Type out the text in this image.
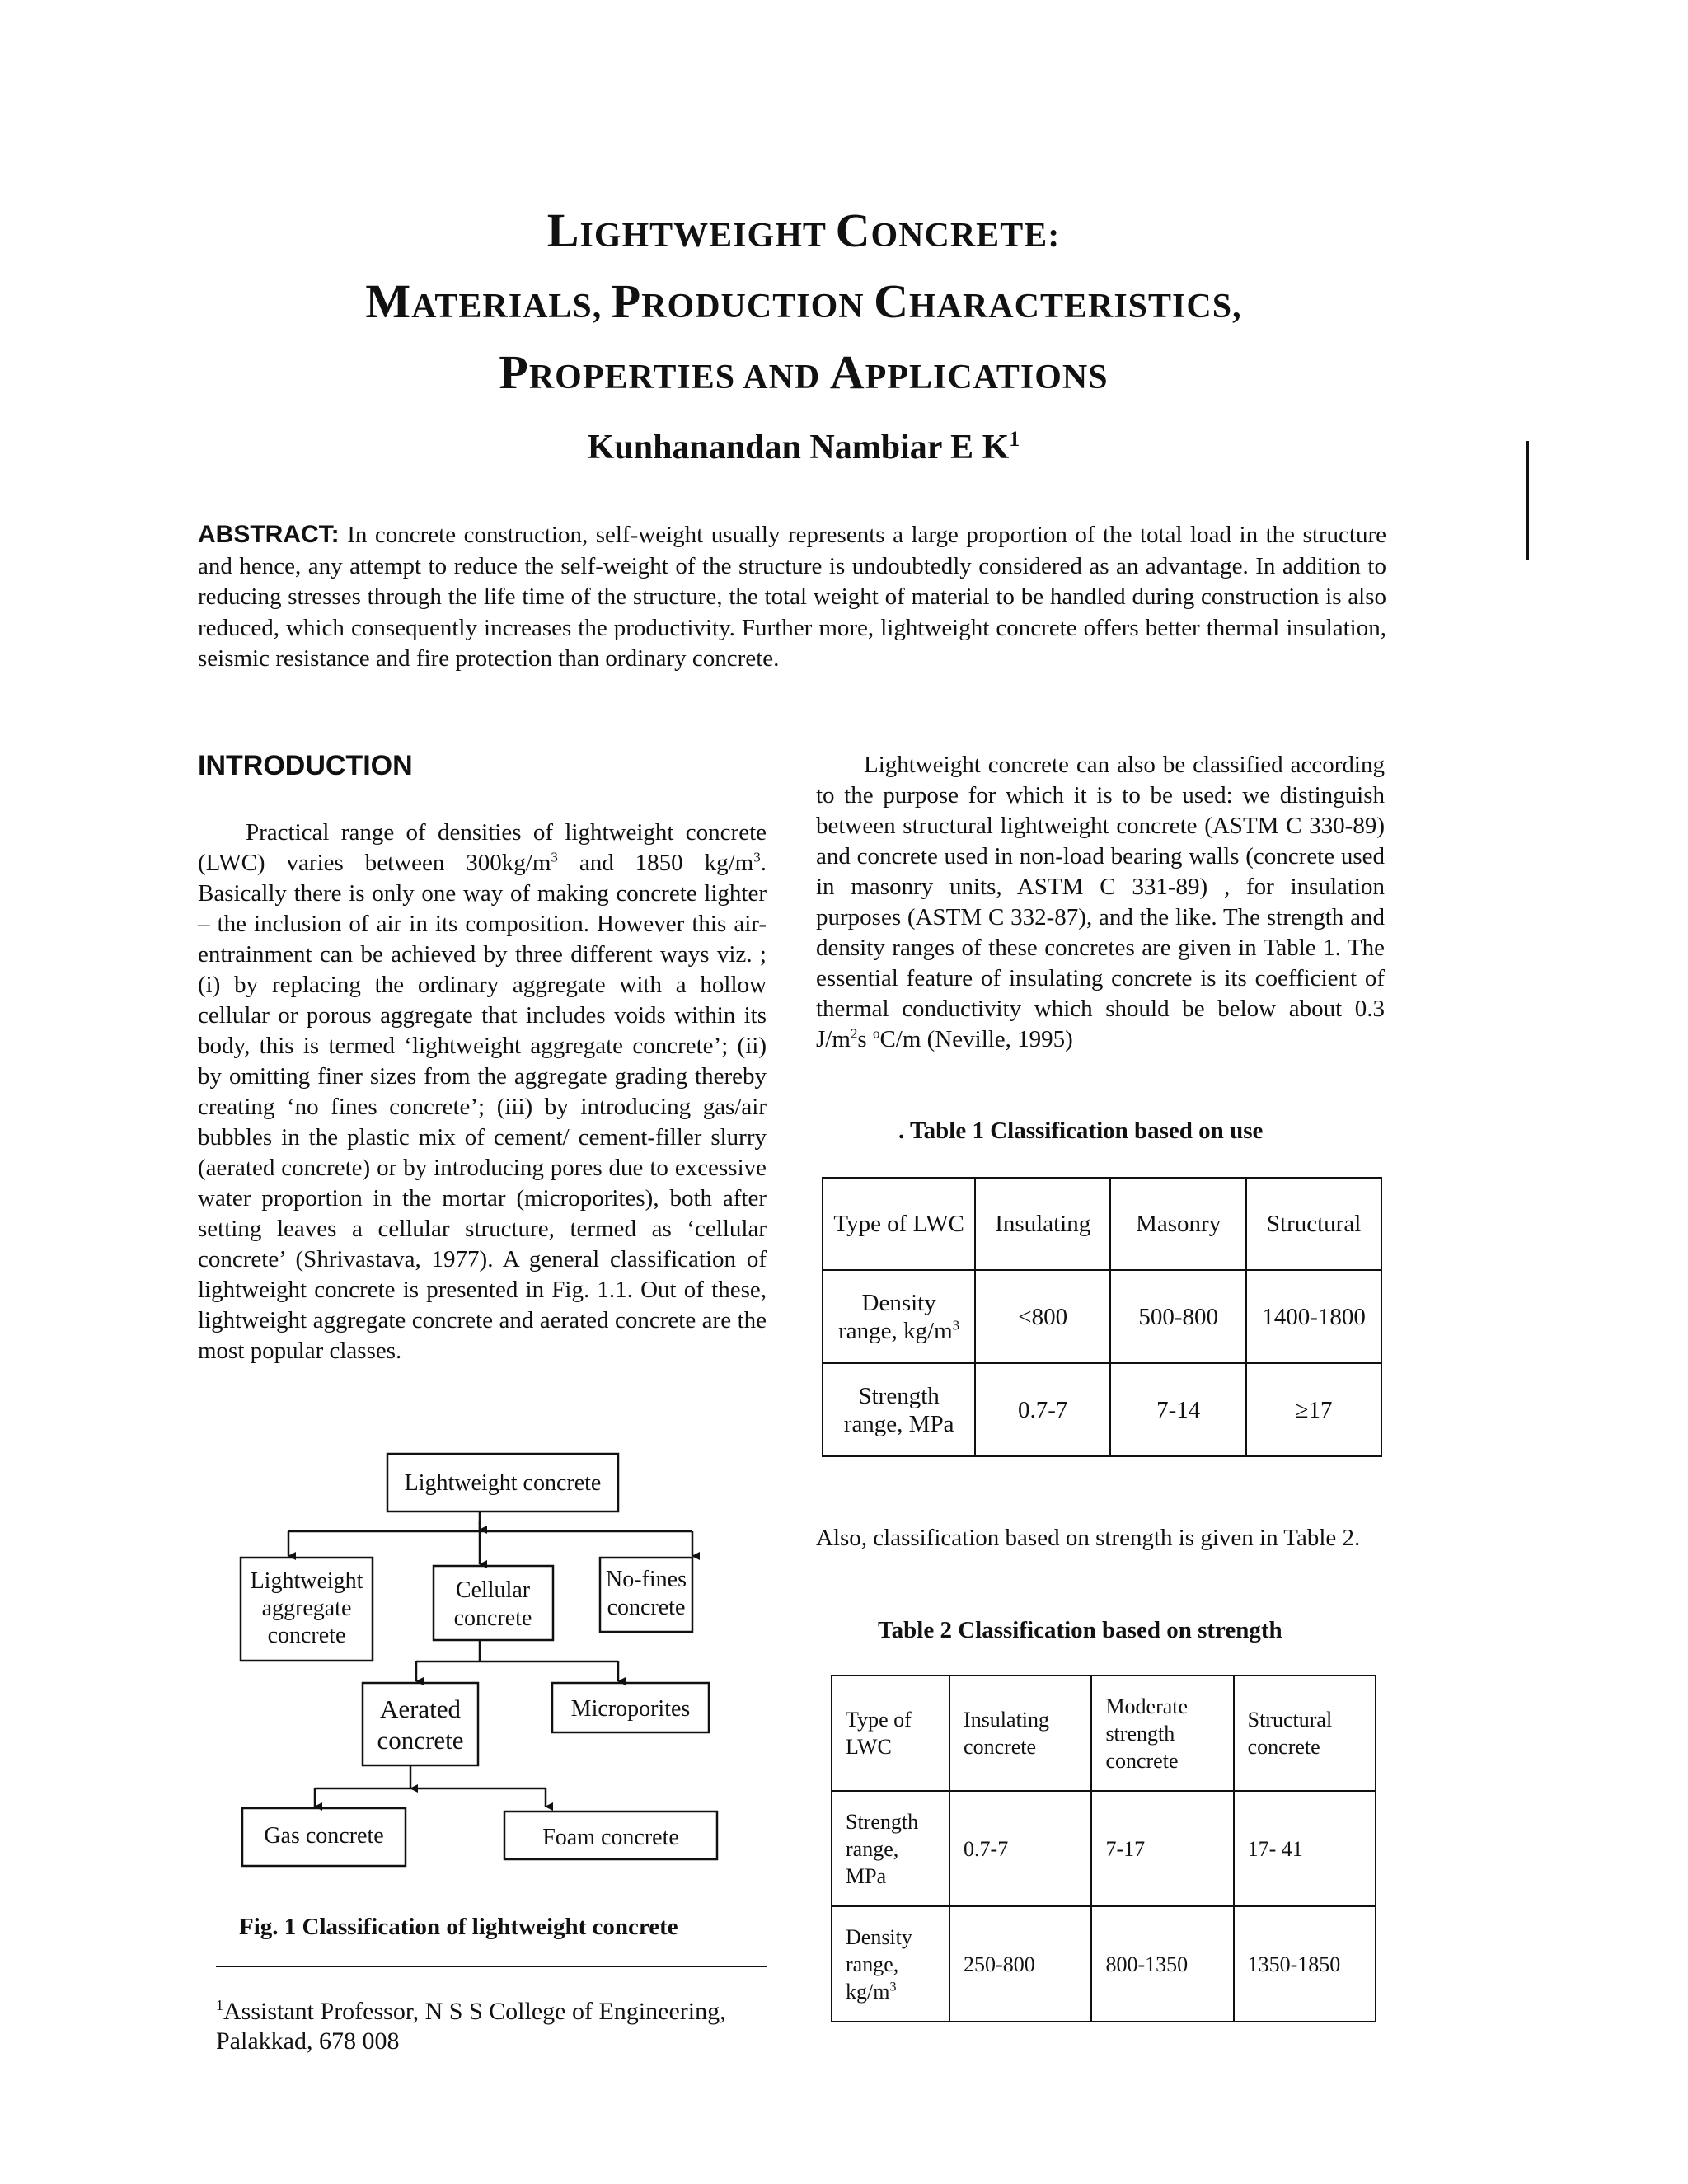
LIGHTWEIGHT CONCRETE:
MATERIALS, PRODUCTION CHARACTERISTICS,
PROPERTIES AND APPLICATIONS
Kunhanandan Nambiar E $K^1$
ABSTRACT: In concrete construction, self-weight usually represents a large proportion of the total load in the structure and hence, any attempt to reduce the self-weight of the structure is undoubtedly considered as an advantage. In addition to reducing stresses through the life time of the structure, the total weight of material to be handled during construction is also reduced, which consequently increases the productivity. Further more, lightweight concrete offers better thermal insulation, seismic resistance and fire protection than ordinary concrete.
INTRODUCTION

Practical range of densities of lightweight concrete (LWC) varies between $300kg/m^3$ and 1850 $kg/m^3$. Basically there is only one way of making concrete lighter – the inclusion of air in its composition. However this air-entrainment can be achieved by three different ways viz. ; (i) by replacing the ordinary aggregate with a hollow cellular or porous aggregate that includes voids within its body, this is termed ‘lightweight aggregate concrete’; (ii) by omitting finer sizes from the aggregate grading thereby creating ‘no fines concrete’; (iii) by introducing gas/air bubbles in the plastic mix of cement/ cement-filler slurry (aerated concrete) or by introducing pores due to excessive water proportion in the mortar (microporites), both after setting leaves a cellular structure, termed as ‘cellular concrete’ (Shrivastava, 1977). A general classification of lightweight concrete is presented in Fig. 1.1. Out of these, lightweight aggregate concrete and aerated concrete are the most popular classes.

Lightweight concrete
Lightweight
aggregate
concrete
Cellular
concrete
No-fines
concrete
Aerated
concrete
Microporites
Gas concrete	Foam concrete
Fig. 1 Classification of lightweight concrete
$^1$Assistant Professor, N S S College of Engineering,
Palakkad, 678 008

Lightweight concrete can also be classified according to the purpose for which it is to be used: we distinguish between structural lightweight concrete (ASTM C 330-89) and concrete used in non-load bearing walls (concrete used in masonry units, ASTM C 331-89) , for insulation purposes (ASTM C 332-87), and the like. The strength and density ranges of these concretes are given in Table 1. The essential feature of insulating concrete is its coefficient of thermal conductivity which should be below about 0.3 $J/m^2s$ $^o$C/m (Neville, 1995)

. Table 1 Classification based on use
Type of LWC	Insulating	Masonry	Structural
Density range, $kg/m^3$	<800	500-800	1400-1800
Strength range, MPa	0.7-7	7-14	≥17
Also, classification based on strength is given in Table 2.
Table 2 Classification based on strength
Type of LWC	Insulating concrete	Moderate strength concrete	Structural concrete
Strength range, MPa	0.7-7	7-17	17- 41
Density range, $kg/m^3$	250-800	800-1350	1350-1850
